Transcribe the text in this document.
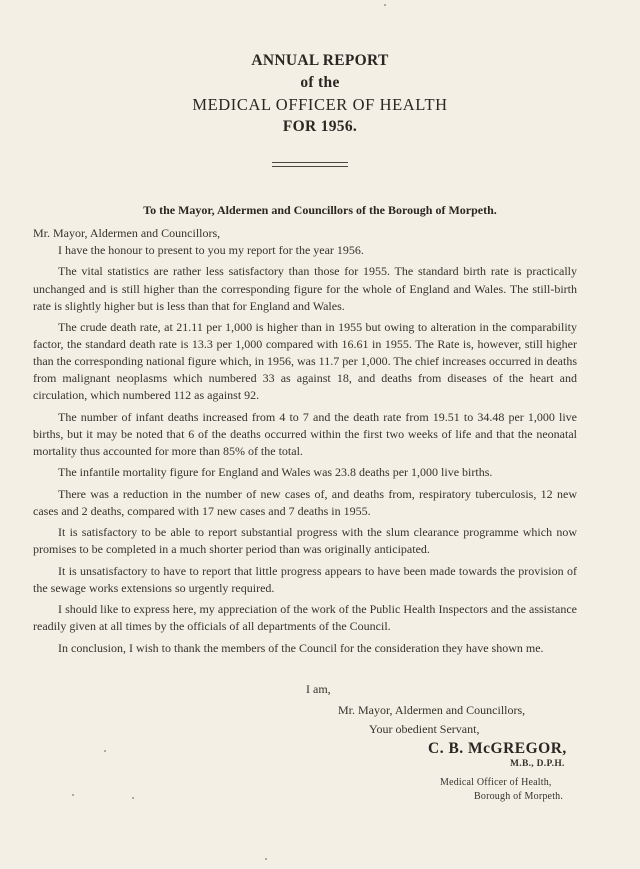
ANNUAL REPORT
of the
MEDICAL OFFICER OF HEALTH
FOR 1956.
To the Mayor, Aldermen and Councillors of the Borough of Morpeth.

Mr. Mayor, Aldermen and Councillors,

I have the honour to present to you my report for the year 1956.

The vital statistics are rather less satisfactory than those for 1955. The standard birth rate is practically unchanged and is still higher than the corresponding figure for the whole of England and Wales. The still-birth rate is slightly higher but is less than that for England and Wales.

The crude death rate, at 21.11 per 1,000 is higher than in 1955 but owing to alteration in the comparability factor, the standard death rate is 13.3 per 1,000 compared with 16.61 in 1955. The Rate is, however, still higher than the corresponding national figure which, in 1956, was 11.7 per 1,000. The chief increases occurred in deaths from malignant neoplasms which numbered 33 as against 18, and deaths from diseases of the heart and circulation, which numbered 112 as against 92.

The number of infant deaths increased from 4 to 7 and the death rate from 19.51 to 34.48 per 1,000 live births, but it may be noted that 6 of the deaths occurred within the first two weeks of life and that the neonatal mortality thus accounted for more than 85% of the total.

The infantile mortality figure for England and Wales was 23.8 deaths per 1,000 live births.

There was a reduction in the number of new cases of, and deaths from, respiratory tuberculosis, 12 new cases and 2 deaths, compared with 17 new cases and 7 deaths in 1955.

It is satisfactory to be able to report substantial progress with the slum clearance programme which now promises to be completed in a much shorter period than was originally anticipated.

It is unsatisfactory to have to report that little progress appears to have been made towards the provision of the sewage works extensions so urgently required.

I should like to express here, my appreciation of the work of the Public Health Inspectors and the assistance readily given at all times by the officials of all departments of the Council.

In conclusion, I wish to thank the members of the Council for the consideration they have shown me.

I am,
Mr. Mayor, Aldermen and Councillors,
Your obedient Servant,
C. B. McGREGOR,
M.B., D.P.H.
Medical Officer of Health,
Borough of Morpeth.
